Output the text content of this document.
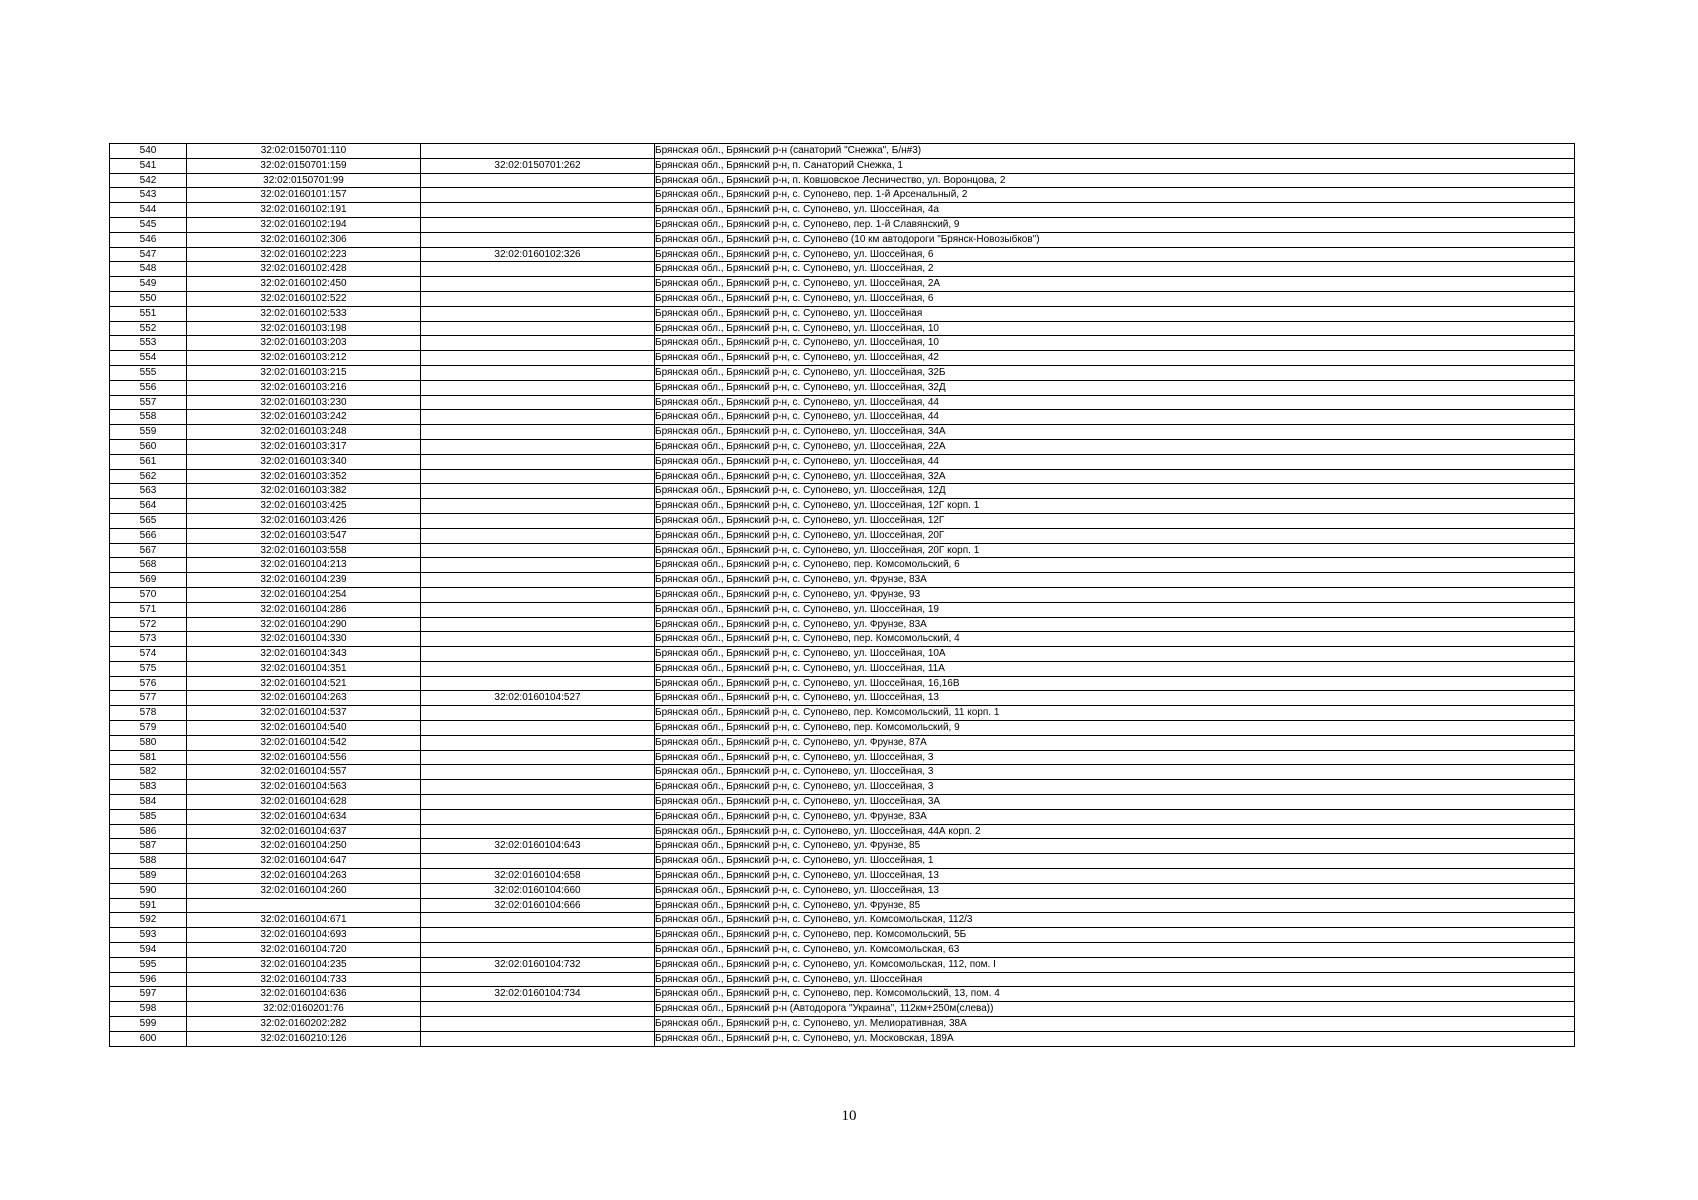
540	32:02:0150701:110		Брянская обл., Брянский р-н (санаторий "Снежка", Б/н#3)
541	32:02:0150701:159	32:02:0150701:262	Брянская обл., Брянский р-н, п. Санаторий Снежка, 1
542	32:02:0150701:99		Брянская обл., Брянский р-н, п. Ковшовское Лесничество, ул. Воронцова, 2
543	32:02:0160101:157		Брянская обл., Брянский р-н, с. Супонево, пер. 1-й Арсенальный, 2
544	32:02:0160102:191		Брянская обл., Брянский р-н, с. Супонево, ул. Шоссейная, 4а
545	32:02:0160102:194		Брянская обл., Брянский р-н, с. Супонево, пер. 1-й Славянский, 9
546	32:02:0160102:306		Брянская обл., Брянский р-н, с. Супонево (10 км автодороги "Брянск-Новозыбков")
547	32:02:0160102:223	32:02:0160102:326	Брянская обл., Брянский р-н, с. Супонево, ул. Шоссейная, 6
548	32:02:0160102:428		Брянская обл., Брянский р-н, с. Супонево, ул. Шоссейная, 2
549	32:02:0160102:450		Брянская обл., Брянский р-н, с. Супонево, ул. Шоссейная, 2А
550	32:02:0160102:522		Брянская обл., Брянский р-н, с. Супонево, ул. Шоссейная, 6
551	32:02:0160102:533		Брянская обл., Брянский р-н, с. Супонево, ул. Шоссейная
552	32:02:0160103:198		Брянская обл., Брянский р-н, с. Супонево, ул. Шоссейная, 10
553	32:02:0160103:203		Брянская обл., Брянский р-н, с. Супонево, ул. Шоссейная, 10
554	32:02:0160103:212		Брянская обл., Брянский р-н, с. Супонево, ул. Шоссейная, 42
555	32:02:0160103:215		Брянская обл., Брянский р-н, с. Супонево, ул. Шоссейная, 32Б
556	32:02:0160103:216		Брянская обл., Брянский р-н, с. Супонево, ул. Шоссейная, 32Д
557	32:02:0160103:230		Брянская обл., Брянский р-н, с. Супонево, ул. Шоссейная, 44
558	32:02:0160103:242		Брянская обл., Брянский р-н, с. Супонево, ул. Шоссейная, 44
559	32:02:0160103:248		Брянская обл., Брянский р-н, с. Супонево, ул. Шоссейная, 34А
560	32:02:0160103:317		Брянская обл., Брянский р-н, с. Супонево, ул. Шоссейная, 22А
561	32:02:0160103:340		Брянская обл., Брянский р-н, с. Супонево, ул. Шоссейная, 44
562	32:02:0160103:352		Брянская обл., Брянский р-н, с. Супонево, ул. Шоссейная, 32А
563	32:02:0160103:382		Брянская обл., Брянский р-н, с. Супонево, ул. Шоссейная, 12Д
564	32:02:0160103:425		Брянская обл., Брянский р-н, с. Супонево, ул. Шоссейная, 12Г корп. 1
565	32:02:0160103:426		Брянская обл., Брянский р-н, с. Супонево, ул. Шоссейная, 12Г
566	32:02:0160103:547		Брянская обл., Брянский р-н, с. Супонево, ул. Шоссейная, 20Г
567	32:02:0160103:558		Брянская обл., Брянский р-н, с. Супонево, ул. Шоссейная, 20Г корп. 1
568	32:02:0160104:213		Брянская обл., Брянский р-н, с. Супонево, пер. Комсомольский, 6
569	32:02:0160104:239		Брянская обл., Брянский р-н, с. Супонево, ул. Фрунзе, 83А
570	32:02:0160104:254		Брянская обл., Брянский р-н, с. Супонево, ул. Фрунзе, 93
571	32:02:0160104:286		Брянская обл., Брянский р-н, с. Супонево, ул. Шоссейная, 19
572	32:02:0160104:290		Брянская обл., Брянский р-н, с. Супонево, ул. Фрунзе, 83А
573	32:02:0160104:330		Брянская обл., Брянский р-н, с. Супонево, пер. Комсомольский, 4
574	32:02:0160104:343		Брянская обл., Брянский р-н, с. Супонево, ул. Шоссейная, 10А
575	32:02:0160104:351		Брянская обл., Брянский р-н, с. Супонево, ул. Шоссейная, 11А
576	32:02:0160104:521		Брянская обл., Брянский р-н, с. Супонево, ул. Шоссейная, 16,16В
577	32:02:0160104:263	32:02:0160104:527	Брянская обл., Брянский р-н, с. Супонево, ул. Шоссейная, 13
578	32:02:0160104:537		Брянская обл., Брянский р-н, с. Супонево, пер. Комсомольский, 11 корп. 1
579	32:02:0160104:540		Брянская обл., Брянский р-н, с. Супонево, пер. Комсомольский, 9
580	32:02:0160104:542		Брянская обл., Брянский р-н, с. Супонево, ул. Фрунзе, 87А
581	32:02:0160104:556		Брянская обл., Брянский р-н, с. Супонево, ул. Шоссейная, 3
582	32:02:0160104:557		Брянская обл., Брянский р-н, с. Супонево, ул. Шоссейная, 3
583	32:02:0160104:563		Брянская обл., Брянский р-н, с. Супонево, ул. Шоссейная, 3
584	32:02:0160104:628		Брянская обл., Брянский р-н, с. Супонево, ул. Шоссейная, 3А
585	32:02:0160104:634		Брянская обл., Брянский р-н, с. Супонево, ул. Фрунзе, 83А
586	32:02:0160104:637		Брянская обл., Брянский р-н, с. Супонево, ул. Шоссейная, 44А корп. 2
587	32:02:0160104:250	32:02:0160104:643	Брянская обл., Брянский р-н, с. Супонево, ул. Фрунзе, 85
588	32:02:0160104:647		Брянская обл., Брянский р-н, с. Супонево, ул. Шоссейная, 1
589	32:02:0160104:263	32:02:0160104:658	Брянская обл., Брянский р-н, с. Супонево, ул. Шоссейная, 13
590	32:02:0160104:260	32:02:0160104:660	Брянская обл., Брянский р-н, с. Супонево, ул. Шоссейная, 13
591		32:02:0160104:666	Брянская обл., Брянский р-н, с. Супонево, ул. Фрунзе, 85
592	32:02:0160104:671		Брянская обл., Брянский р-н, с. Супонево, ул. Комсомольская, 112/3
593	32:02:0160104:693		Брянская обл., Брянский р-н, с. Супонево, пер. Комсомольский, 5Б
594	32:02:0160104:720		Брянская обл., Брянский р-н, с. Супонево, ул. Комсомольская, 63
595	32:02:0160104:235	32:02:0160104:732	Брянская обл., Брянский р-н, с. Супонево, ул. Комсомольская, 112, пом. I
596	32:02:0160104:733		Брянская обл., Брянский р-н, с. Супонево, ул. Шоссейная
597	32:02:0160104:636	32:02:0160104:734	Брянская обл., Брянский р-н, с. Супонево, пер. Комсомольский, 13, пом. 4
598	32:02:0160201:76		Брянская обл., Брянский р-н (Автодорога "Украина", 112км+250м(слева))
599	32:02:0160202:282		Брянская обл., Брянский р-н, с. Супонево, ул. Мелиоративная, 38А
600	32:02:0160210:126		Брянская обл., Брянский р-н, с. Супонево, ул. Московская, 189А
10
